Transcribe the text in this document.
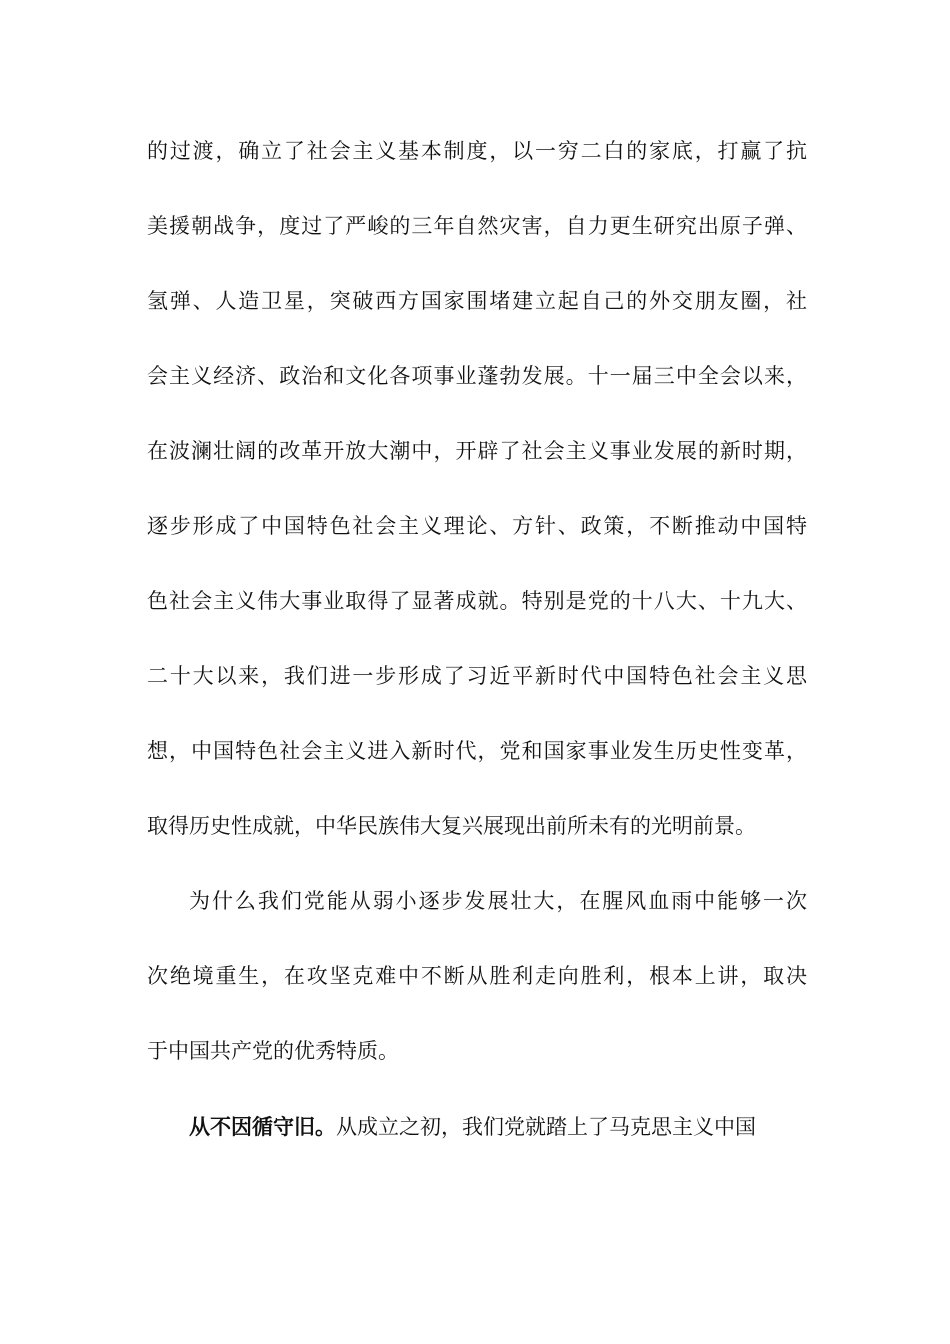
的过渡，确立了社会主义基本制度，以一穷二白的家底，打赢了抗
美援朝战争，度过了严峻的三年自然灾害，自力更生研究出原子弹、
氢弹、人造卫星，突破西方国家围堵建立起自己的外交朋友圈，社
会主义经济、政治和文化各项事业蓬勃发展。十一届三中全会以来，
在波澜壮阔的改革开放大潮中，开辟了社会主义事业发展的新时期，
逐步形成了中国特色社会主义理论、方针、政策，不断推动中国特
色社会主义伟大事业取得了显著成就。特别是党的十八大、十九大、
二十大以来，我们进一步形成了习近平新时代中国特色社会主义思
想，中国特色社会主义进入新时代，党和国家事业发生历史性变革，
取得历史性成就，中华民族伟大复兴展现出前所未有的光明前景。
为什么我们党能从弱小逐步发展壮大，在腥风血雨中能够一次
次绝境重生，在攻坚克难中不断从胜利走向胜利，根本上讲，取决
于中国共产党的优秀特质。
从不因循守旧。从成立之初，我们党就踏上了马克思主义中国
